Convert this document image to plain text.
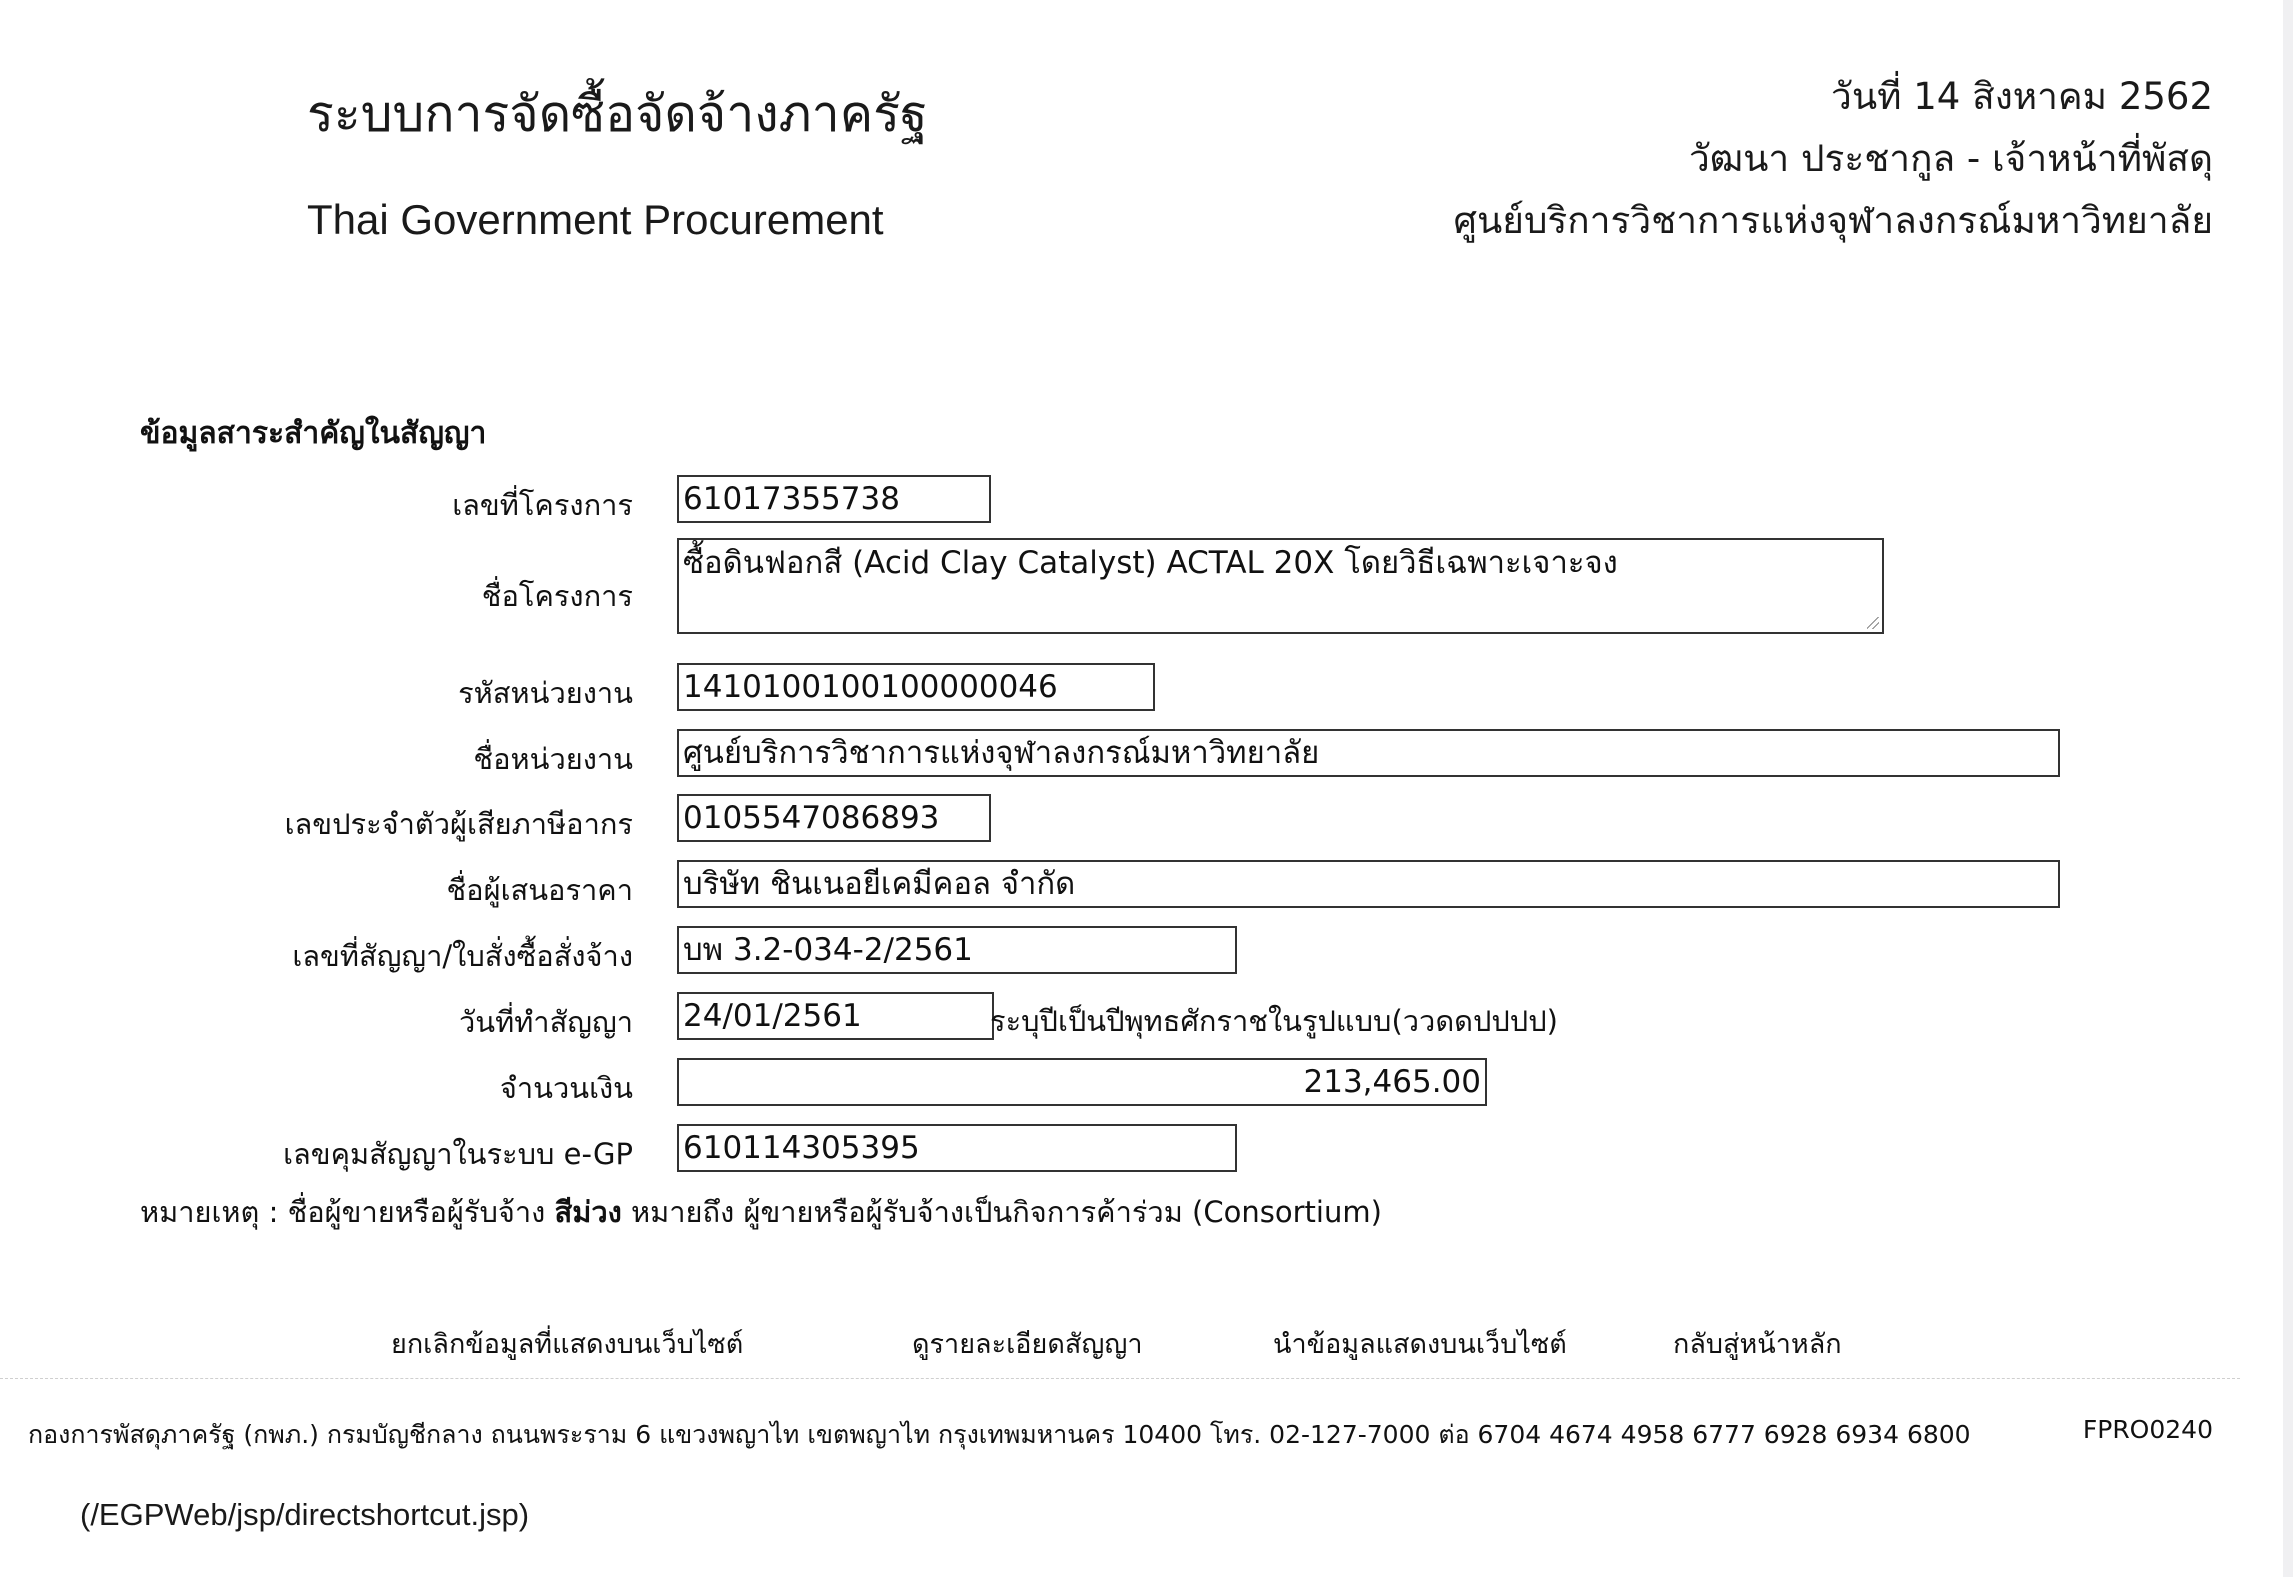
ระบบการจัดซื้อจัดจ้างภาครัฐ
Thai Government Procurement
วันที่ 14 สิงหาคม 2562
วัฒนา ประชากูล - เจ้าหน้าที่พัสดุ
ศูนย์บริการวิชาการแห่งจุฬาลงกรณ์มหาวิทยาลัย
ข้อมูลสาระสำคัญในสัญญา
เลขที่โครงการ 61017355738
ชื่อโครงการ
ซื้อดินฟอกสี (Acid Clay Catalyst) ACTAL 20X โดยวิธีเฉพาะเจาะจง
รหัสหน่วยงาน 1410100100100000046
ชื่อหน่วยงาน ศูนย์บริการวิชาการแห่งจุฬาลงกรณ์มหาวิทยาลัย
เลขประจำตัวผู้เสียภาษีอากร 0105547086893
ชื่อผู้เสนอราคา บริษัท ชินเนอยีเคมีคอล จำกัด
เลขที่สัญญา/ใบสั่งซื้อสั่งจ้าง บพ 3.2-034-2/2561
วันที่ทำสัญญา 24/01/2561	ระบุปีเป็นปีพุทธศักราชในรูปแบบ(ววดดปปปป)
จำนวนเงิน	213,465.00
เลขคุมสัญญาในระบบ e-GP 610114305395
หมายเหตุ : ชื่อผู้ขายหรือผู้รับจ้าง สีม่วง หมายถึง ผู้ขายหรือผู้รับจ้างเป็นกิจการค้าร่วม (Consortium)
ยกเลิกข้อมูลที่แสดงบนเว็บไซต์	ดูรายละเอียดสัญญา	นำข้อมูลแสดงบนเว็บไซต์	กลับสู่หน้าหลัก
กองการพัสดุภาครัฐ (กพภ.) กรมบัญชีกลาง ถนนพระราม 6 แขวงพญาไท เขตพญาไท กรุงเทพมหานคร 10400 โทร. 02-127-7000 ต่อ 6704 4674 4958 6777 6928 6934 6800	FPRO0240
(/EGPWeb/jsp/directshortcut.jsp)
